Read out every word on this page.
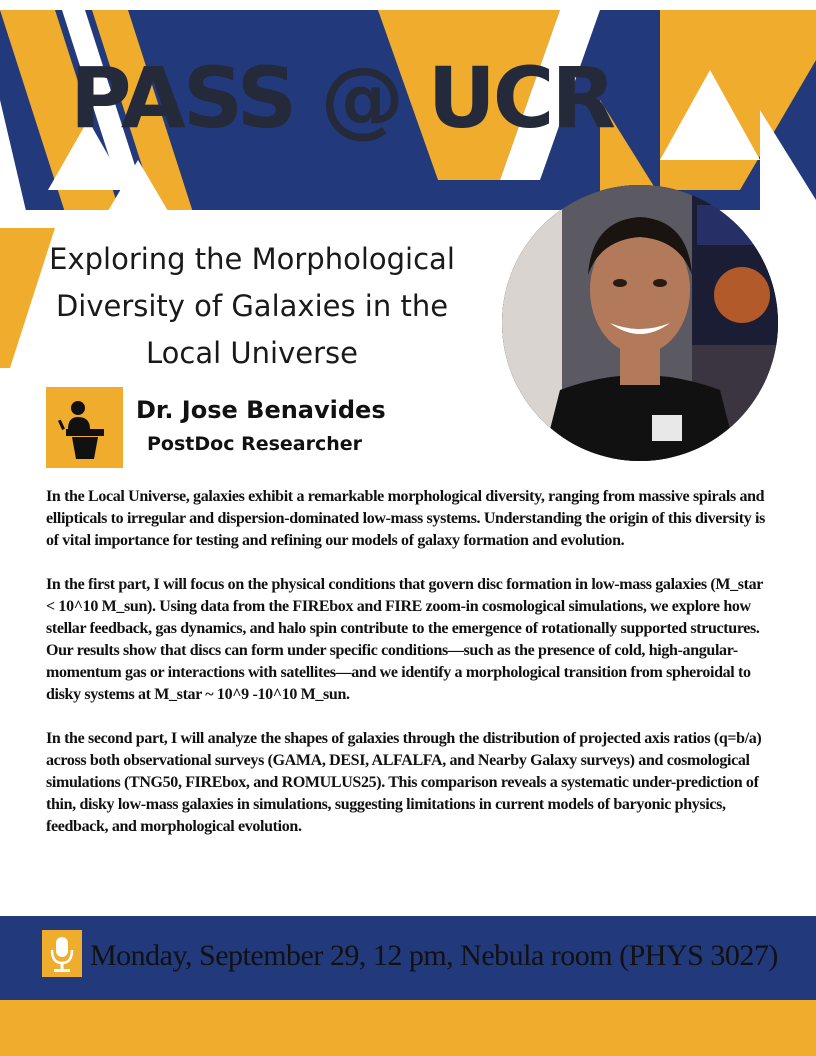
PASS @ UCR
Exploring the Morphological
Diversity of Galaxies in the
Local Universe

Dr. Jose Benavides

PostDoc Researcher

In the Local Universe, galaxies exhibit a remarkable morphological diversity, ranging from massive spirals and ellipticals to irregular and dispersion-dominated low-mass systems. Understanding the origin of this diversity is of vital importance for testing and refining our models of galaxy formation and evolution.

In the first part, I will focus on the physical conditions that govern disc formation in low-mass galaxies (M_star < 10^10 M_sun). Using data from the FIREbox and FIRE zoom-in cosmological simulations, we explore how stellar feedback, gas dynamics, and halo spin contribute to the emergence of rotationally supported structures. Our results show that discs can form under specific conditions—such as the presence of cold, high-angular-momentum gas or interactions with satellites—and we identify a morphological transition from spheroidal to disky systems at M_star ~ 10^9 -10^10 M_sun.

In the second part, I will analyze the shapes of galaxies through the distribution of projected axis ratios (q=b/a) across both observational surveys (GAMA, DESI, ALFALFA, and Nearby Galaxy surveys) and cosmological simulations (TNG50, FIREbox, and ROMULUS25). This comparison reveals a systematic under-prediction of thin, disky low-mass galaxies in simulations, suggesting limitations in current models of baryonic physics, feedback, and morphological evolution.

Monday, September 29, 12 pm, Nebula room (PHYS 3027)
